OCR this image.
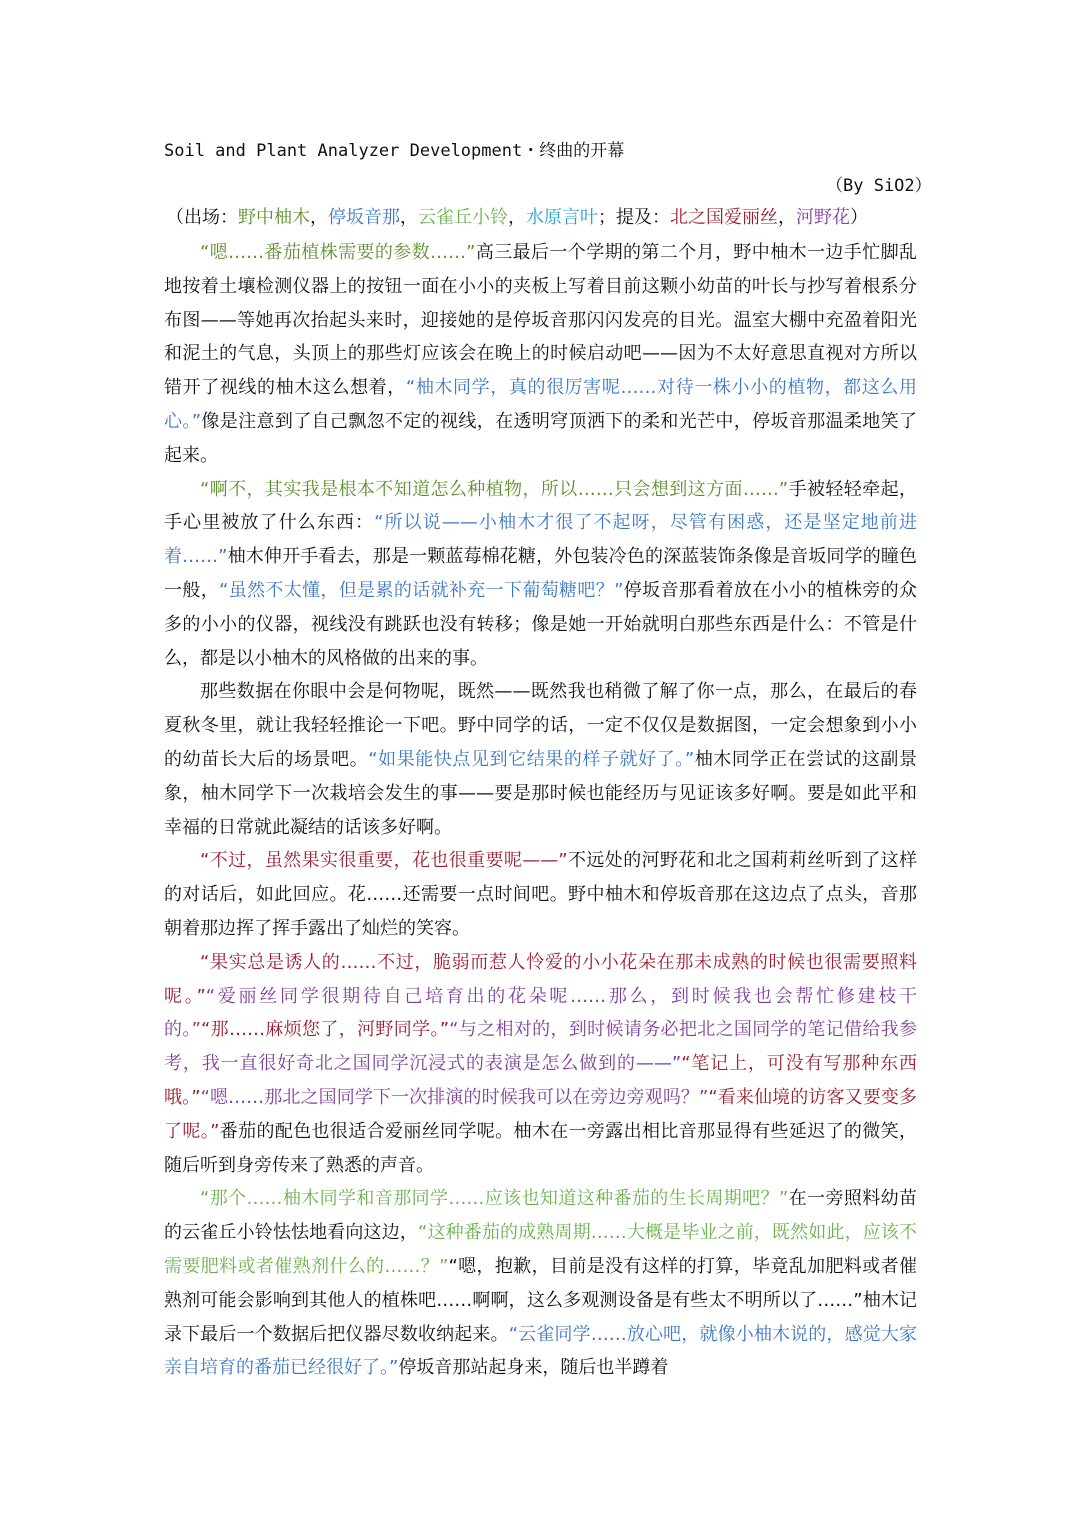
Soil and Plant Analyzer Development・终曲的开幕
（By SiO2）
（出场：野中柚木，停坂音那，云雀丘小铃，水原言叶；提及：北之国爱丽丝，河野花）

“嗯……番茄植株需要的参数……”高三最后一个学期的第二个月，野中柚木一边手忙脚乱地按着土壤检测仪器上的按钮一面在小小的夹板上写着目前这颗小幼苗的叶长与抄写着根系分布图——等她再次抬起头来时，迎接她的是停坂音那闪闪发亮的目光。温室大棚中充盈着阳光和泥土的气息，头顶上的那些灯应该会在晚上的时候启动吧——因为不太好意思直视对方所以错开了视线的柚木这么想着，“柚木同学，真的很厉害呢……对待一株小小的植物，都这么用心。”像是注意到了自己飘忽不定的视线，在透明穹顶洒下的柔和光芒中，停坂音那温柔地笑了起来。

“啊不，其实我是根本不知道怎么种植物，所以……只会想到这方面……”手被轻轻牵起，手心里被放了什么东西：“所以说——小柚木才很了不起呀，尽管有困惑，还是坚定地前进着……”柚木伸开手看去，那是一颗蓝莓棉花糖，外包装冷色的深蓝装饰条像是音坂同学的瞳色一般，“虽然不太懂，但是累的话就补充一下葡萄糖吧？”停坂音那看着放在小小的植株旁的众多的小小的仪器，视线没有跳跃也没有转移；像是她一开始就明白那些东西是什么：不管是什么，都是以小柚木的风格做的出来的事。

那些数据在你眼中会是何物呢，既然——既然我也稍微了解了你一点，那么，在最后的春夏秋冬里，就让我轻轻推论一下吧。野中同学的话，一定不仅仅是数据图，一定会想象到小小的幼苗长大后的场景吧。“如果能快点见到它结果的样子就好了。”柚木同学正在尝试的这副景象，柚木同学下一次栽培会发生的事——要是那时候也能经历与见证该多好啊。要是如此平和幸福的日常就此凝结的话该多好啊。

“不过，虽然果实很重要，花也很重要呢——”不远处的河野花和北之国莉莉丝听到了这样的对话后，如此回应。花……还需要一点时间吧。野中柚木和停坂音那在这边点了点头，音那朝着那边挥了挥手露出了灿烂的笑容。

“果实总是诱人的……不过，脆弱而惹人怜爱的小小花朵在那未成熟的时候也很需要照料呢。”“爱丽丝同学很期待自己培育出的花朵呢……那么，到时候我也会帮忙修建枝干的。”“那……麻烦您了，河野同学。”“与之相对的，到时候请务必把北之国同学的笔记借给我参考，我一直很好奇北之国同学沉浸式的表演是怎么做到的——”“笔记上，可没有写那种东西哦。”“嗯……那北之国同学下一次排演的时候我可以在旁边旁观吗？”“看来仙境的访客又要变多了呢。”番茄的配色也很适合爱丽丝同学呢。柚木在一旁露出相比音那显得有些延迟了的微笑，随后听到身旁传来了熟悉的声音。

“那个……柚木同学和音那同学……应该也知道这种番茄的生长周期吧？”在一旁照料幼苗的云雀丘小铃怯怯地看向这边，“这种番茄的成熟周期……大概是毕业之前，既然如此，应该不需要肥料或者催熟剂什么的……？”“嗯，抱歉，目前是没有这样的打算，毕竟乱加肥料或者催熟剂可能会影响到其他人的植株吧……啊啊，这么多观测设备是有些太不明所以了……”柚木记录下最后一个数据后把仪器尽数收纳起来。“云雀同学……放心吧，就像小柚木说的，感觉大家亲自培育的番茄已经很好了。”停坂音那站起身来，随后也半蹲着
